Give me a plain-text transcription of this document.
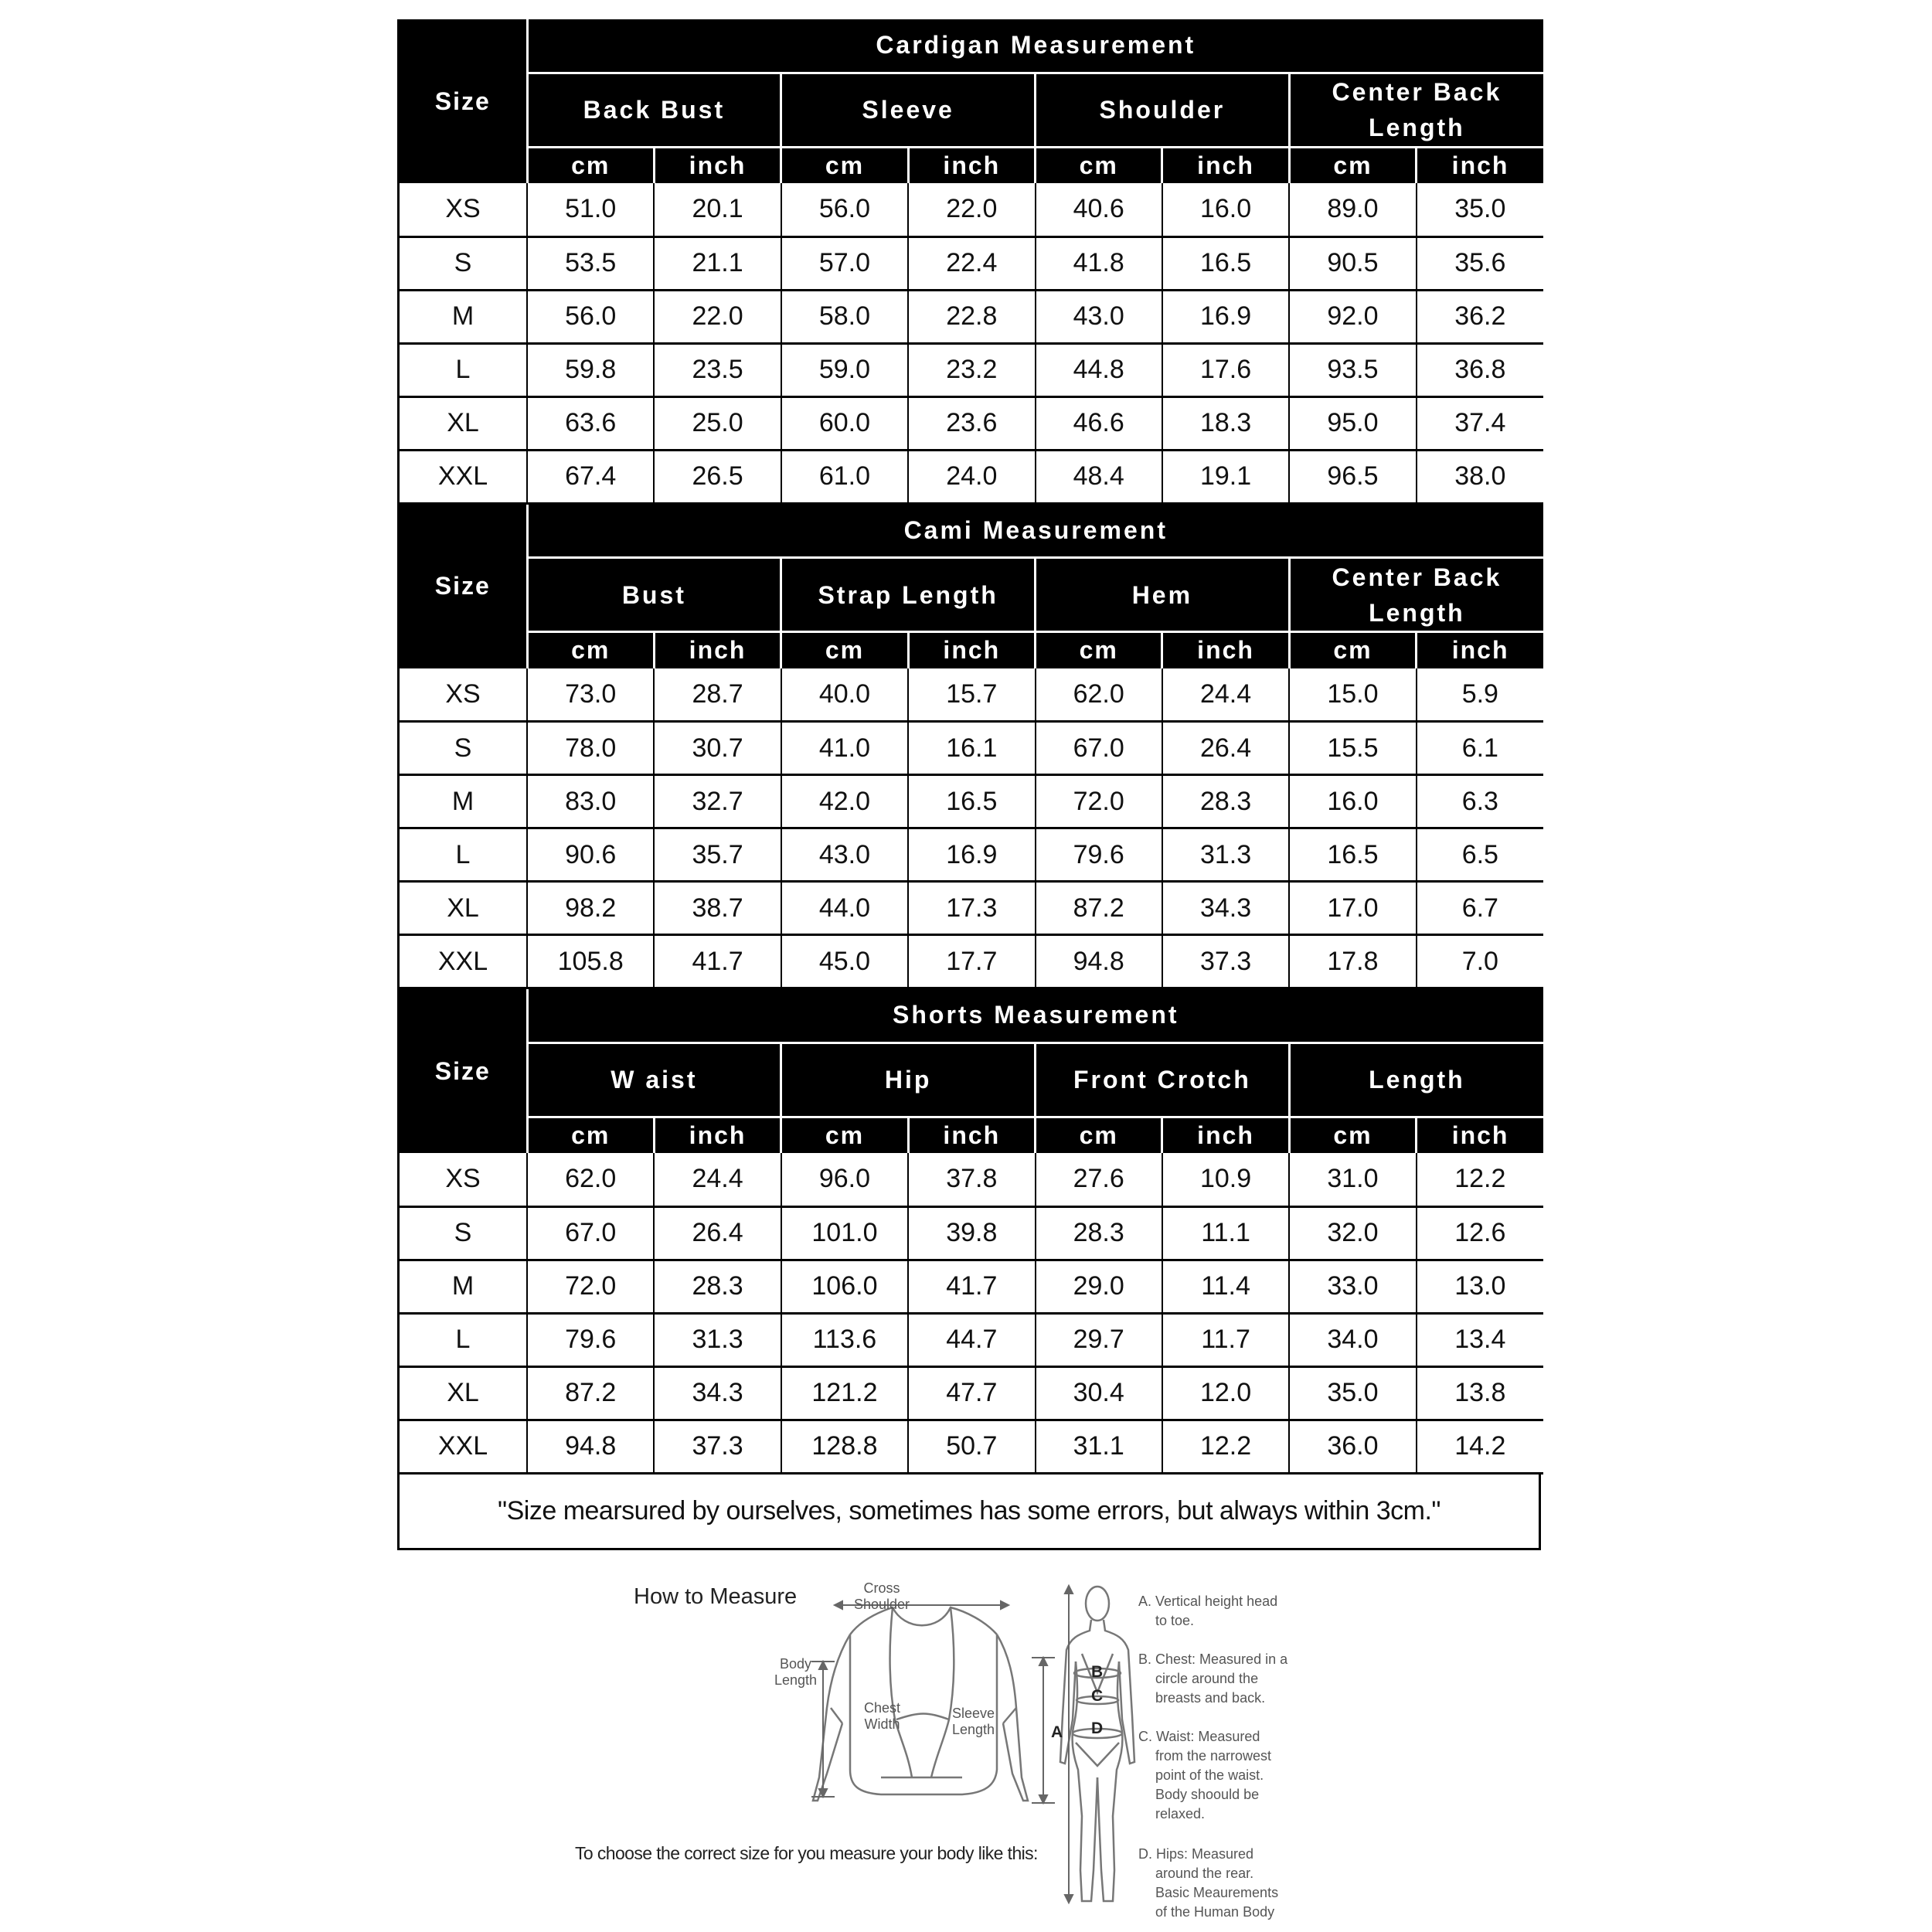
Size	Cardigan Measurement							

	Back Bust		Sleeve		Shoulder		Center Back
Length	

	cm	inch	cm	inch	cm	inch	cm	inch
XS	51.0	20.1	56.0	22.0	40.6	16.0	89.0	35.0
S	53.5	21.1	57.0	22.4	41.8	16.5	90.5	35.6
M	56.0	22.0	58.0	22.8	43.0	16.9	92.0	36.2
L	59.8	23.5	59.0	23.2	44.8	17.6	93.5	36.8
XL	63.6	25.0	60.0	23.6	46.6	18.3	95.0	37.4
XXL	67.4	26.5	61.0	24.0	48.4	19.1	96.5	38.0
Size	Cami Measurement							

	Bust		Strap Length		Hem		Center Back
Length	

	cm	inch	cm	inch	cm	inch	cm	inch
XS	73.0	28.7	40.0	15.7	62.0	24.4	15.0	5.9
S	78.0	30.7	41.0	16.1	67.0	26.4	15.5	6.1
M	83.0	32.7	42.0	16.5	72.0	28.3	16.0	6.3
L	90.6	35.7	43.0	16.9	79.6	31.3	16.5	6.5
XL	98.2	38.7	44.0	17.3	87.2	34.3	17.0	6.7
XXL	105.8	41.7	45.0	17.7	94.8	37.3	17.8	7.0
Size	Shorts Measurement							

	W aist		Hip		Front Crotch		Length	

	cm	inch	cm	inch	cm	inch	cm	inch
XS	62.0	24.4	96.0	37.8	27.6	10.9	31.0	12.2
S	67.0	26.4	101.0	39.8	28.3	11.1	32.0	12.6
M	72.0	28.3	106.0	41.7	29.0	11.4	33.0	13.0
L	79.6	31.3	113.6	44.7	29.7	11.7	34.0	13.4
XL	87.2	34.3	121.2	47.7	30.4	12.0	35.0	13.8
XXL	94.8	37.3	128.8	50.7	31.1	12.2	36.0	14.2
"Size mearsured by ourselves, sometimes has some errors, but always within 3cm."
How to Measure
To choose the correct size for you measure your body like this:
Cross
Shoulder
Body
Length
Chest
Width
Sleeve
Length	A
B
C
D
A. Vertical height head
to toe.
B. Chest: Measured in a
circle around the
breasts and back.
C. Waist: Measured
from the narrowest
point of the waist.
Body shoould be
relaxed.
D. Hips: Measured
around the rear.
Basic Meaurements
of the Human Body
